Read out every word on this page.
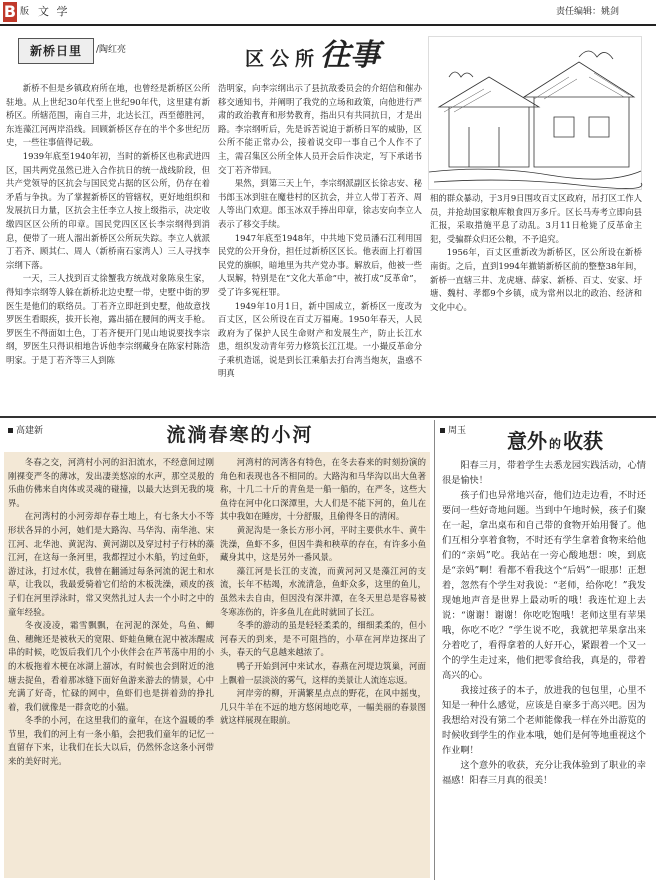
B 版 文 学	责任编辑：姚剑
新桥日里	/陶红亮	区公所往事

新桥不但是乡镇政府所在地，也曾经是新桥区公所驻地。从上世纪30年代至上世纪90年代，这里建有新桥区。所辖范围，南自三井，北达长江，西至德胜河，东连藻江河两岸沿线。回顾新桥区存在的半个多世纪历史，一些往事值得记载。

1939年底至1940年初，当时的新桥区也称武进四区，国共两党虽然已进入合作抗日的统一战线阶段，但共产党领导的区抗会与国民党占据的区公所，仍存在着矛盾与争执。为了掌握新桥区的管辖权，更好地组织和发展抗日力量，区抗会主任李立人按上级指示，决定收缴四区区公所的印章。国民党四区区长李宗纲得到消息，便带了一班人溜出新桥区公所玩失踪。李立人就派丁若齐、顾其仁、周人（新桥南石家湾人）三人寻找李宗纲下落。

一天，三人找到百丈徐蟹我方统战对象陈泉生家，得知李宗纲等人躲在新桥北边史墅一带，史墅中街的罗医生是他们的联络员。丁若齐立即赶到史墅，他故意找罗医生看眼疾，拔开长袍，露出插在腰间的两支手枪。罗医生不得面如土色，丁若齐便开门见山地说要找李宗纲，罗医生只得识相地告诉他李宗纲藏身在陈家村陈浩明家。于是丁若齐等三人到陈

浩明家，向李宗纲出示了县抗敌委员会的介绍信和催办移交通知书，并阐明了我党的立场和政策，向他进行严肃的政治教育和形势教育，指出只有共同抗日，才是出路。李宗纲听后，先是诉苦说迫于新桥日军的威胁，区公所不能正常办公，接着说交印一事自己个人作不了主，需召集区公所全体人员开会后作决定，写下承诺书交丁若齐带回。

果然，到第三天上午，李宗纲派副区长徐志安、秘书郎玉冰到驻在魔巷村的区抗会，并立人带丁若齐、周人等出门欢迎。郎玉冰双手捧出印章，徐志安向李立人表示了移交手续。

1947年底至1948年，中共地下党员潘石江利用国民党的公开身份，担任过新桥区区长。他表面上打着国民党的旗帜，暗地里为共产党办事。解放后，他被一些人误解，特别是在“文化大革命”中，被打成“反革命”，受了许多冤枉罪。

1949年10月1日，新中国成立，新桥区一度改为百丈区，区公所设在百丈万福庵。1950年春天，人民政府为了保护人民生命财产和发展生产，防止长江水患，组织发动青年劳力修筑长江江堤。一小撮反革命分子乘机造谣，说是到长江乘船去打台湾当炮灰，蛊惑不明真

相的群众暴动，于3月9日围攻百丈区政府，吊打区工作人员，并抢劫国家粮库粮食四万多斤。区长马寿考立即向县汇报，采取措施平息了动乱。3月11日枪毙了反革命主犯，受骗群众归还公粮，不予追究。

1956年，百丈区重新改为新桥区，区公所设在新桥南街。之后，直到1994年撤销新桥区前的整整38年间，新桥一直辖三井、龙虎塘、薛家、新桥、百丈、安家、圩塘、魏村、孝都9个乡镇，成为常州以北的政治、经济和文化中心。

高建新	流淌春寒的小河

冬春之交，河湾村小河的汩汩流水，不经意间过刚刚裸变严冬的薄冰，发出凄美悠凉的水声，那空灵般的乐曲仿佛来自肉体或灵魂的碰撞，以最大达到无我的境界。

在河湾村的小河旁却存春土地上，有七条大小不等形状各异的小河，她们是大路沟、马华沟、南华池、宋江河、北华池、黄泥沟、黄河湖以及穿过村子行林的藻江河，在这每一条河里，我都捏过小木船，钓过鱼虾，游过泳，打过水仗，我曾在翻涌过每条河流的泥土和水草，让我以，我最爱骑着它们给的木板洗澡，顽皮的孩子们在河里浮泳时，常又突然扎过人去一个小时之中的童年经验。

冬夜凌凌，霜雪飘飘，在河泥的深处，鸟鱼、鲫鱼、穗鲍还是被秋天的宽限、虾蛙鱼鳅在泥中被冻醒成串的时候，吃饭后我们几个小伙伴会在芦苇荡中用的小的木板拖着木梗在冰湖上溜冰，有时候也会到附近的池塘去捉鱼，看着那冰缝下面好鱼游来游去的情景，心中充满了好奇，忙碌的网中，鱼虾们也是拼着劲的挣扎着，我们就像是一群贪吃的小猫。

冬季的小河，在这里我们的童年，在这个温暖的季节里，我们的河上有一条小船，会把我们童年的记忆一直留存下来，让我们在长大以后，仍然怀念这条小河带来的美好时光。

河湾村的河湾各有特色，在冬去春来的时刻扮演的角色和表现也各不相同的。大路沟和马华沟以出大鱼著称，十几二十斤的青鱼是一船一船的，在严冬，这些大鱼待在河中化口深潭里，大人们是不能下河的，鱼儿在其中我如在睡房，十分舒服，且偷得冬日的清闲。

黄泥沟是一条长方形小河，平时主要供水牛、黄牛洗澡，鱼虾不多，但因牛粪和秧草的存在，有许多小鱼藏身其中，这是另外一番风景。

藻江河是长江的支流，而黄河河又是藻江河的支流，长年不枯竭，水流清急，鱼虾众多，这里的鱼儿，虽然未去自由，但因没有深井潭，在冬天里总是容易被冬寒冻伤的，许多鱼儿在此时就回了长江。

冬季的游动的虽是轻轻柔柔的，细细柔柔的，但小河春天的到来，是不可阻挡的，小草在河岸边探出了头，春天的气息越来越浓了。

鸭子开始到河中来试水，春燕在河堤边筑巢，河面上飘着一层淡淡的雾气，这样的美景让人流连忘返。

河岸旁的柳，开满繁星点点的野花，在风中摇曳，几只牛羊在不远的地方悠闲地吃草，一幅美丽的春景图就这样展现在眼前。

周玉	意外 的 收获

阳春三月，带着学生去悉龙园实践活动，心情很是愉快！

孩子们也异常地兴奋，他们边走边看，不时还要问一些好奇地问题。当到中午地时候，孩子们聚在一起，拿出桌布和自己带的食物开始用餐了。他们互相分享着食物，不时还有学生拿着食物来给他们的“亲妈”吃。我站在一旁心酸地想：唉，到底是“亲妈”啊！看都不看我这个“后妈”一眼那！正想着，忽然有个学生对我说：“老师，给你吃！”我发现她地声音是世界上最动听的哦！我连忙迎上去说：“谢谢！谢谢！你吃吃饱哦！老师这里有苹果哦，你吃不吃？”学生说不吃，我就把苹果拿出来分着吃了，看得拿着的人好开心，紧跟着一个又一个的学生走过来，他们把零食给我，真是的，带着高兴的心。

我接过孩子的本子，放进我的包包里，心里不知是一种什么感觉，应该是自豪多于高兴吧。因为我想给对没有第二个老师能像我一样在外出游览的时候收到学生的作业本哦，她们是何等地重视这个作业啊！

这个意外的收获，充分让我体验到了职业的幸福感！阳春三月真的很美！
